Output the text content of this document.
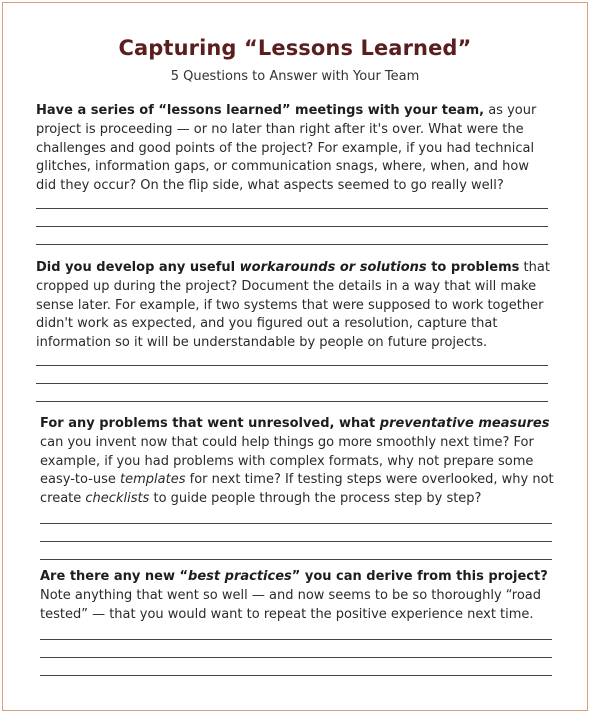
Capturing “Lessons Learned”
5 Questions to Answer with Your Team
Have a series of “lessons learned” meetings with your team, as your project is proceeding — or no later than right after it's over. What were the challenges and good points of the project? For example, if you had technical glitches, information gaps, or communication snags, where, when, and how did they occur? On the flip side, what aspects seemed to go really well?
Did you develop any useful workarounds or solutions to problems that cropped up during the project? Document the details in a way that will make sense later. For example, if two systems that were supposed to work together didn't work as expected, and you figured out a resolution, capture that information so it will be understandable by people on future projects.
For any problems that went unresolved, what preventative measures can you invent now that could help things go more smoothly next time? For example, if you had problems with complex formats, why not prepare some easy-to-use templates for next time? If testing steps were overlooked, why not create checklists to guide people through the process step by step?
Are there any new “best practices” you can derive from this project? Note anything that went so well — and now seems to be so thoroughly “road tested” — that you would want to repeat the positive experience next time.
